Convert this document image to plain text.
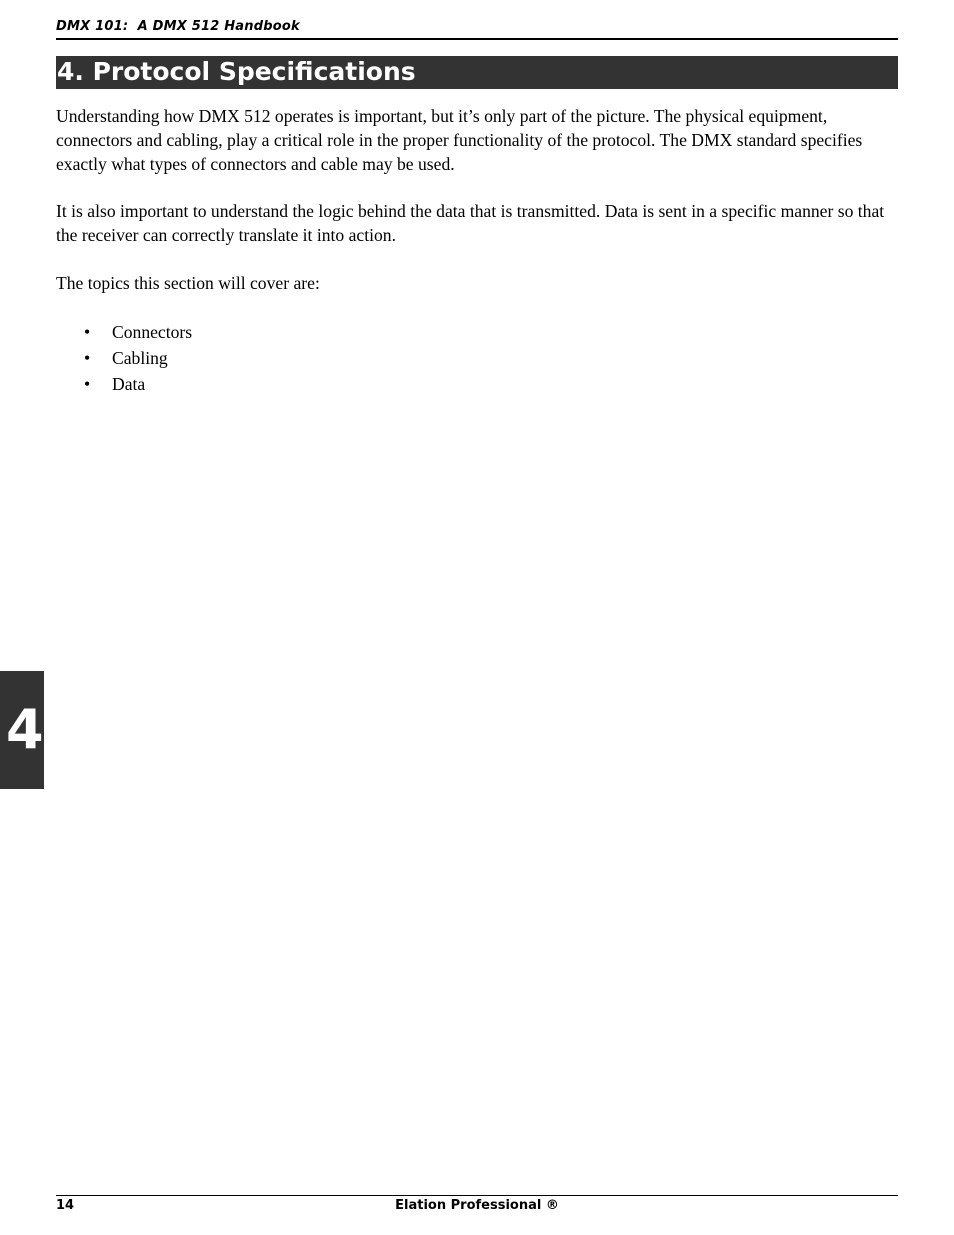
DMX 101:  A DMX 512 Handbook
4. Protocol Specifications

Understanding how DMX 512 operates is important, but it’s only part of the picture. The physical equipment, connectors and cabling, play a critical role in the proper functionality of the protocol. The DMX standard specifies exactly what types of connectors and cable may be used.

It is also important to understand the logic behind the data that is transmitted. Data is sent in a specific manner so that the receiver can correctly translate it into action.

The topics this section will cover are:

• Connectors
• Cabling
• Data
4
14	Elation Professional ®
